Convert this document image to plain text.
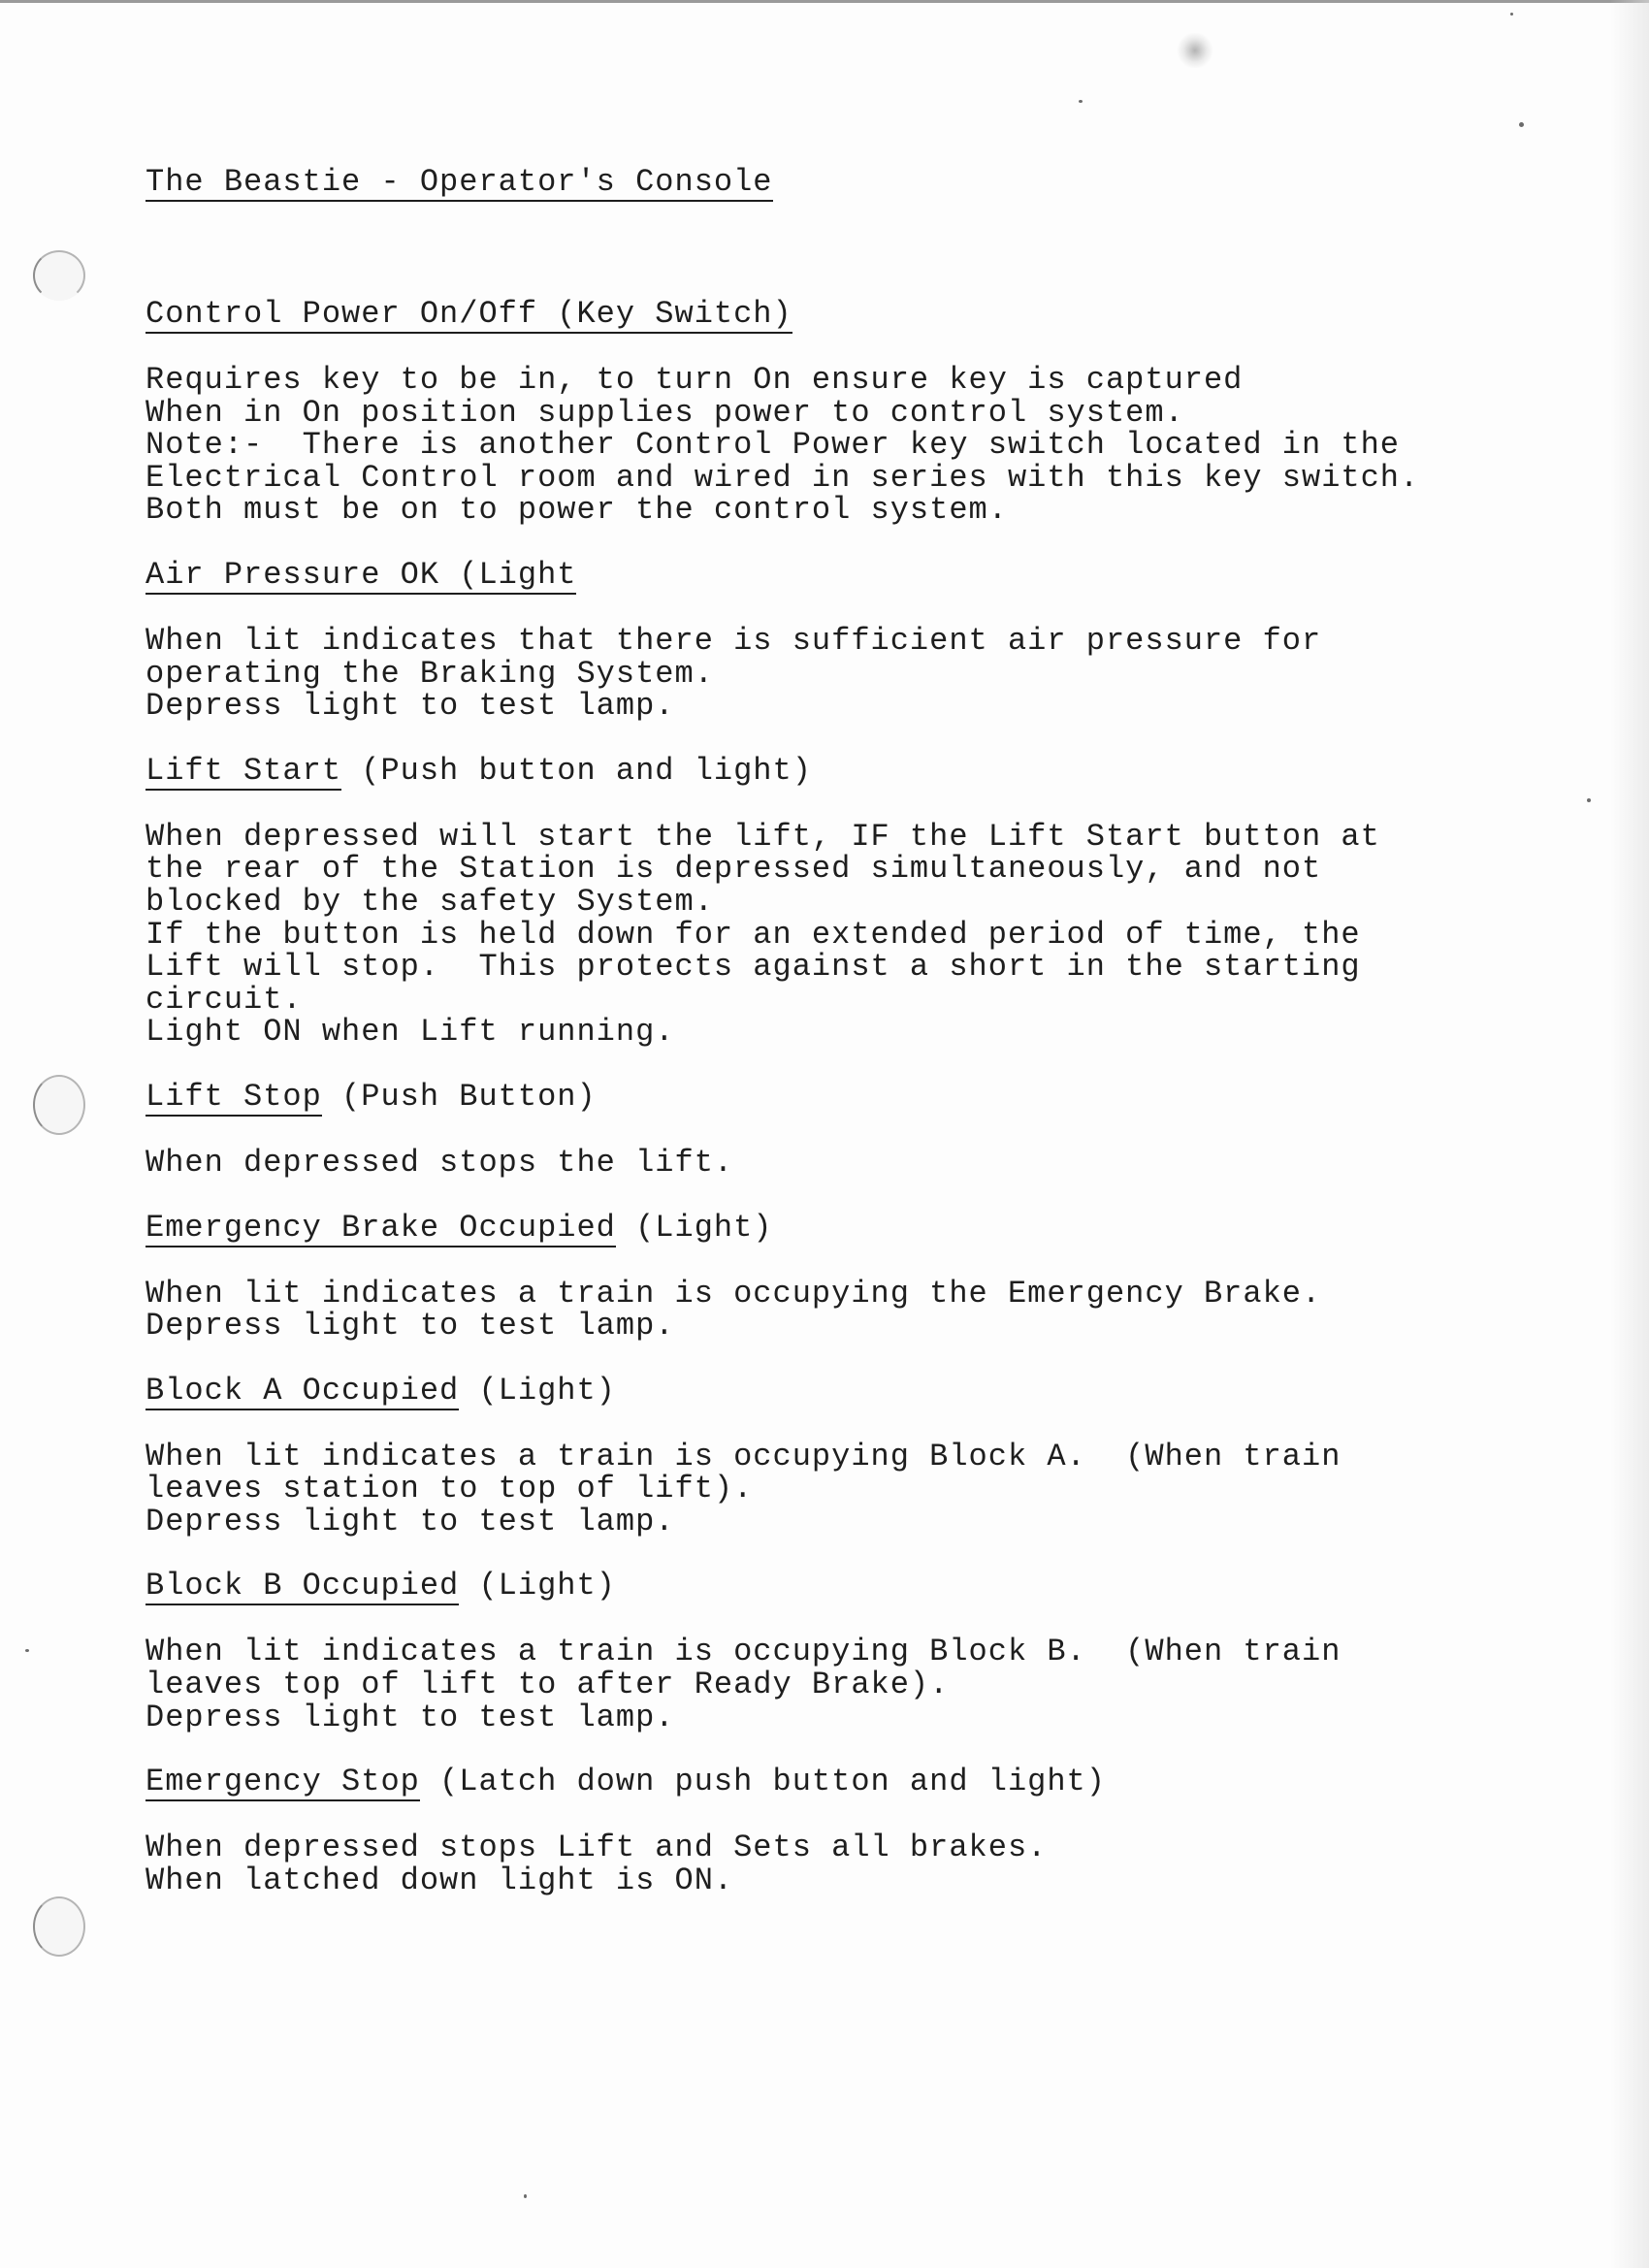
The Beastie - Operator's Console

Control Power On/Off (Key Switch)

Requires key to be in, to turn On ensure key is captured

When in On position supplies power to control system.

Note:-  There is another Control Power key switch located in the

Electrical Control room and wired in series with this key switch.

Both must be on to power the control system.

Air Pressure OK (Light

When lit indicates that there is sufficient air pressure for

operating the Braking System.

Depress light to test lamp.

Lift Start (Push button and light)

When depressed will start the lift, IF the Lift Start button at

the rear of the Station is depressed simultaneously, and not

blocked by the safety System.

If the button is held down for an extended period of time, the

Lift will stop.  This protects against a short in the starting

circuit.

Light ON when Lift running.

Lift Stop (Push Button)

When depressed stops the lift.

Emergency Brake Occupied (Light)

When lit indicates a train is occupying the Emergency Brake.

Depress light to test lamp.

Block A Occupied (Light)

When lit indicates a train is occupying Block A.  (When train

leaves station to top of lift).

Depress light to test lamp.

Block B Occupied (Light)

When lit indicates a train is occupying Block B.  (When train

leaves top of lift to after Ready Brake).

Depress light to test lamp.

Emergency Stop (Latch down push button and light)

When depressed stops Lift and Sets all brakes.

When latched down light is ON.
